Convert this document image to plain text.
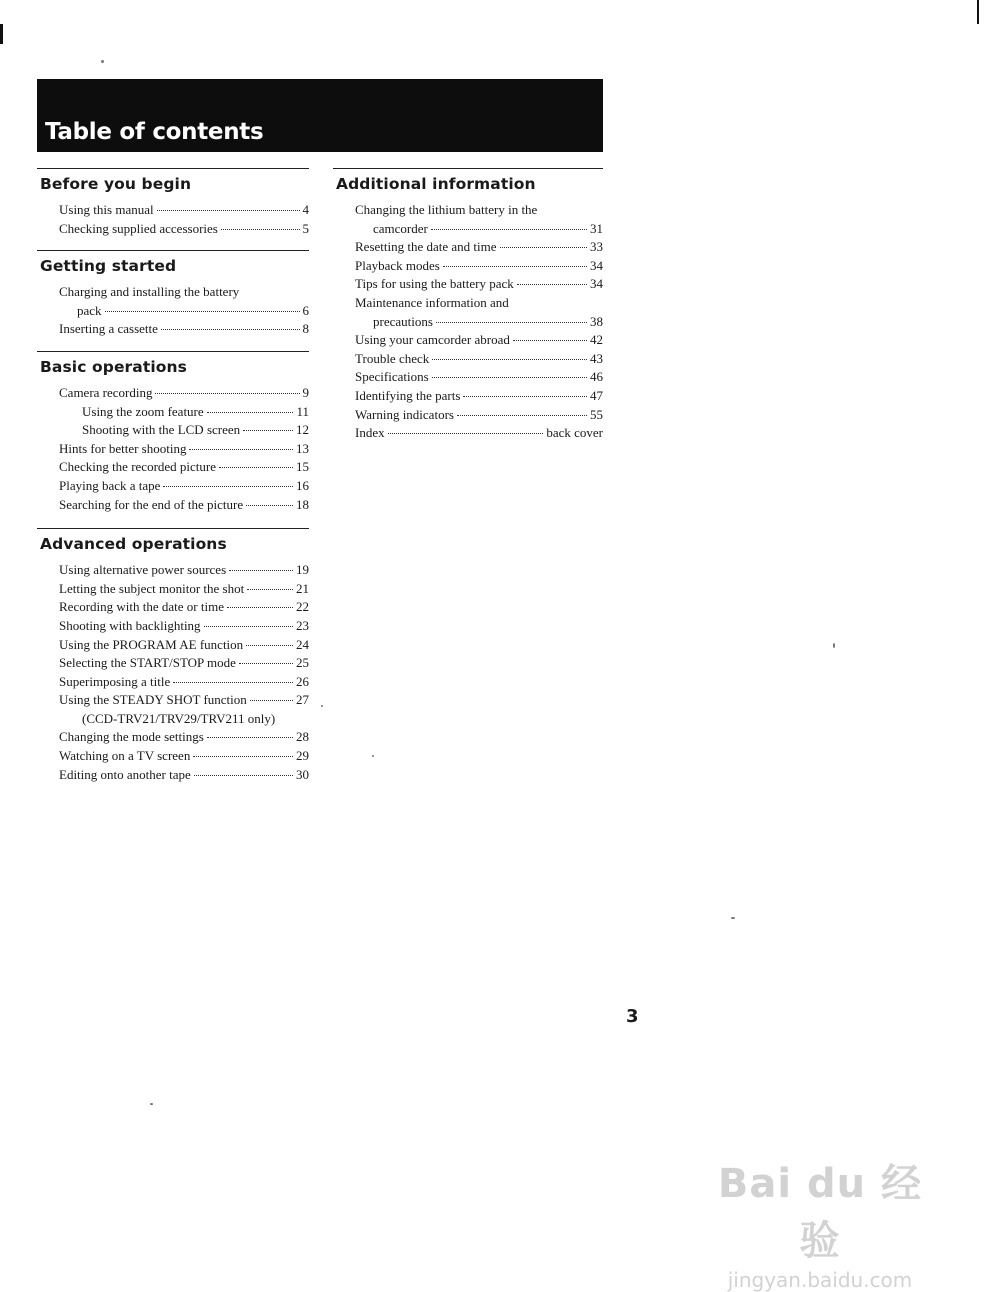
Table of contents
Before you begin
Using this manual	4
Checking supplied accessories	5
Getting started
Charging and installing the battery
pack	6
Inserting a cassette	8
Basic operations
Camera recording	9
Using the zoom feature	11
Shooting with the LCD screen	12
Hints for better shooting	13
Checking the recorded picture	15
Playing back a tape	16
Searching for the end of the picture	18
Advanced operations
Using alternative power sources	19
Letting the subject monitor the shot	21
Recording with the date or time	22
Shooting with backlighting	23
Using the PROGRAM AE function	24
Selecting the START/STOP mode	25
Superimposing a title	26
Using the STEADY SHOT function	27
(CCD-TRV21/TRV29/TRV211 only)
Changing the mode settings	28
Watching on a TV screen	29
Editing onto another tape	30
Additional information
Changing the lithium battery in the
camcorder	31
Resetting the date and time	33
Playback modes	34
Tips for using the battery pack	34
Maintenance information and
precautions	38
Using your camcorder abroad	42
Trouble check	43
Specifications	46
Identifying the parts	47
Warning indicators	55
Index	back cover
3
Bai du 经验
jingyan.baidu.com
